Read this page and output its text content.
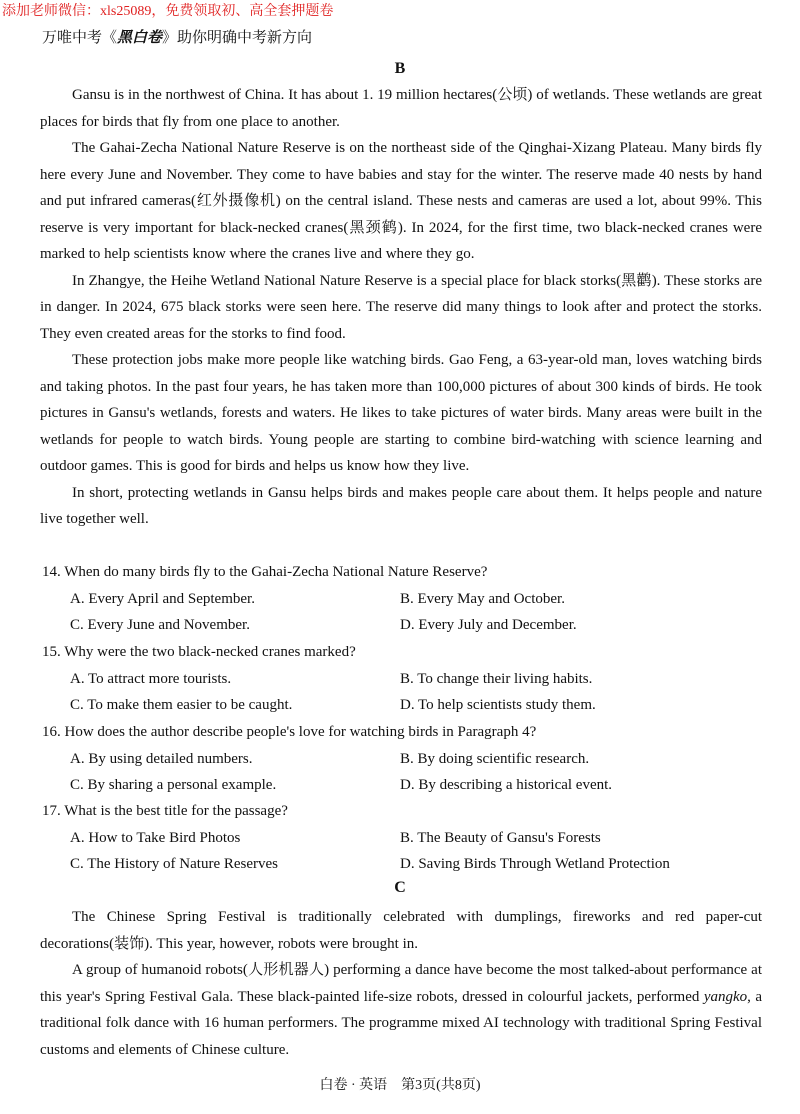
添加老师微信：xls25089，免费领取初、高全套押题卷
万唯中考《黑白卷》助你明确中考新方向
B

Gansu is in the northwest of China. It has about 1. 19 million hectares(公顷) of wetlands. These wetlands are great places for birds that fly from one place to another.

The Gahai-Zecha National Nature Reserve is on the northeast side of the Qinghai-Xizang Plateau. Many birds fly here every June and November. They come to have babies and stay for the winter. The reserve made 40 nests by hand and put infrared cameras(红外摄像机) on the central island. These nests and cameras are used a lot, about 99%. This reserve is very important for black-necked cranes(黑颈鹤). In 2024, for the first time, two black-necked cranes were marked to help scientists know where the cranes live and where they go.

In Zhangye, the Heihe Wetland National Nature Reserve is a special place for black storks(黑鹳). These storks are in danger. In 2024, 675 black storks were seen here. The reserve did many things to look after and protect the storks. They even created areas for the storks to find food.

These protection jobs make more people like watching birds. Gao Feng, a 63-year-old man, loves watching birds and taking photos. In the past four years, he has taken more than 100,000 pictures of about 300 kinds of birds. He took pictures in Gansu's wetlands, forests and waters. He likes to take pictures of water birds. Many areas were built in the wetlands for people to watch birds. Young people are starting to combine bird-watching with science learning and outdoor games. This is good for birds and helps us know how they live.

In short, protecting wetlands in Gansu helps birds and makes people care about them. It helps people and nature live together well.

14. When do many birds fly to the Gahai-Zecha National Nature Reserve?
A. Every April and September.	B. Every May and October.
C. Every June and November.	D. Every July and December.
15. Why were the two black-necked cranes marked?
A. To attract more tourists.	B. To change their living habits.
C. To make them easier to be caught.	D. To help scientists study them.
16. How does the author describe people's love for watching birds in Paragraph 4?
A. By using detailed numbers.	B. By doing scientific research.
C. By sharing a personal example.	D. By describing a historical event.
17. What is the best title for the passage?
A. How to Take Bird Photos	B. The Beauty of Gansu's Forests
C. The History of Nature Reserves	D. Saving Birds Through Wetland Protection
C

The Chinese Spring Festival is traditionally celebrated with dumplings, fireworks and red paper-cut decorations(装饰). This year, however, robots were brought in.

A group of humanoid robots(人形机器人) performing a dance have become the most talked-about performance at this year's Spring Festival Gala. These black-painted life-size robots, dressed in colourful jackets, performed yangko, a traditional folk dance with 16 human performers. The programme mixed AI technology with traditional Spring Festival customs and elements of Chinese culture.

白卷 · 英语　第3页(共8页)
